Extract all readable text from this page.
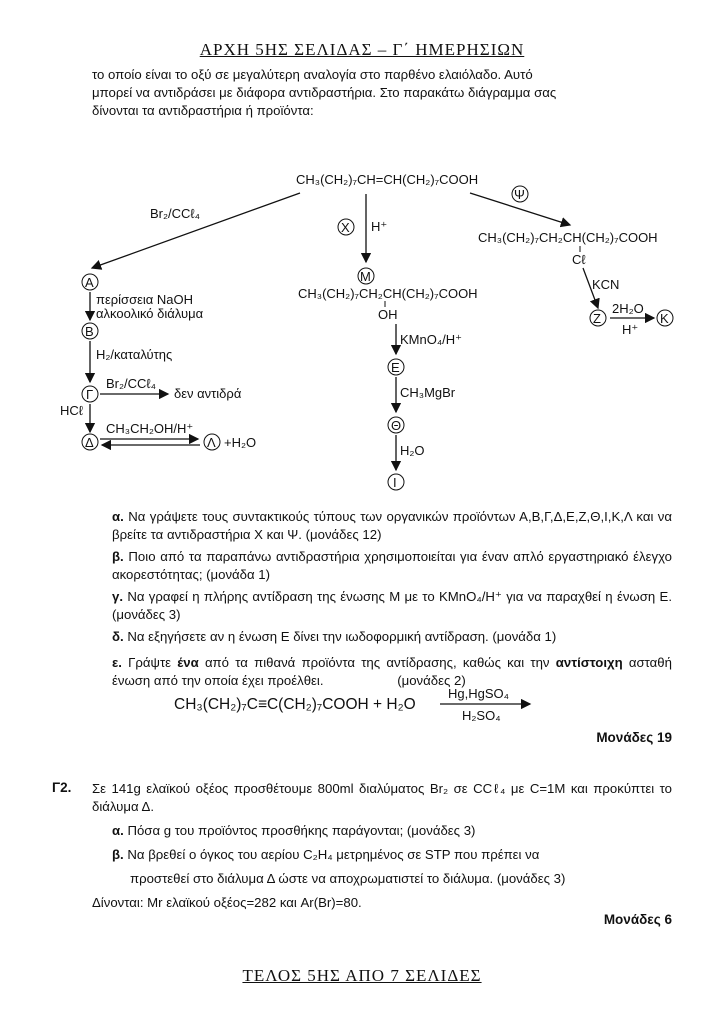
ΑΡΧΗ 5ΗΣ ΣΕΛΙΔΑΣ – Γ΄ ΗΜΕΡΗΣΙΩΝ
το οποίο είναι το οξύ σε μεγαλύτερη αναλογία στο παρθένο ελαιόλαδο. Αυτό
μπορεί να αντιδράσει με διάφορα αντιδραστήρια. Στο παρακάτω διάγραμμα σας
δίνονται τα αντιδραστήρια ή προϊόντα:
CH₃(CH₂)₇CH=CH(CH₂)₇COOH
Br₂/CCℓ₄
X H⁺
Ψ
CH₃(CH₂)₇CH₂CH(CH₂)₇COOH
Cℓ
KCN
Z
2H₂O
H⁺
K
M
CH₃(CH₂)₇CH₂CH(CH₂)₇COOH
OH
KMnO₄/H⁺
E
CH₃MgBr
Θ
H₂O
I
A
περίσσεια NaOH
αλκοολικό διάλυμα
B
H₂/καταλύτης
Γ
Br₂/CCℓ₄
δεν αντιδρά
HCℓ
Δ
CH₃CH₂OH/H⁺
Λ +H₂O
CH₃(CH₂)₇C≡C(CH₂)₇COOH + H₂O
Hg,HgSO₄
H₂SO₄
α. Να γράψετε τους συντακτικούς τύπους των οργανικών προϊόντων Α,Β,Γ,Δ,Ε,Ζ,Θ,Ι,Κ,Λ και να βρείτε τα αντιδραστήρια Χ και Ψ. (μονάδες 12)
β. Ποιο από τα παραπάνω αντιδραστήρια χρησιμοποιείται για έναν απλό εργαστηριακό έλεγχο ακορεστότητας; (μονάδα 1)
γ. Να γραφεί η πλήρης αντίδραση της ένωσης Μ με το KMnO₄/H⁺ για να παραχθεί η ένωση Ε. (μονάδες 3)
δ. Να εξηγήσετε αν η ένωση Ε δίνει την ιωδοφορμική αντίδραση. (μονάδα 1)
ε. Γράψτε ένα από τα πιθανά προϊόντα της αντίδρασης, καθώς και την αντίστοιχη ασταθή ένωση από την οποία έχει προέλθει.	(μονάδες 2)
Μονάδες 19
Γ2. Σε 141g ελαϊκού οξέος προσθέτουμε 800ml διαλύματος Br₂ σε CCℓ₄ με C=1M και προκύπτει το διάλυμα Δ.
α. Πόσα g του προϊόντος προσθήκης παράγονται; (μονάδες 3)
β. Να βρεθεί ο όγκος του αερίου C₂H₄ μετρημένος σε STP που πρέπει να
προστεθεί στο διάλυμα Δ ώστε να αποχρωματιστεί το διάλυμα. (μονάδες 3)
Δίνονται: Mr ελαϊκού οξέος=282 και Ar(Br)=80.
Μονάδες 6
ΤΕΛΟΣ 5ΗΣ ΑΠΟ 7 ΣΕΛΙΔΕΣ
